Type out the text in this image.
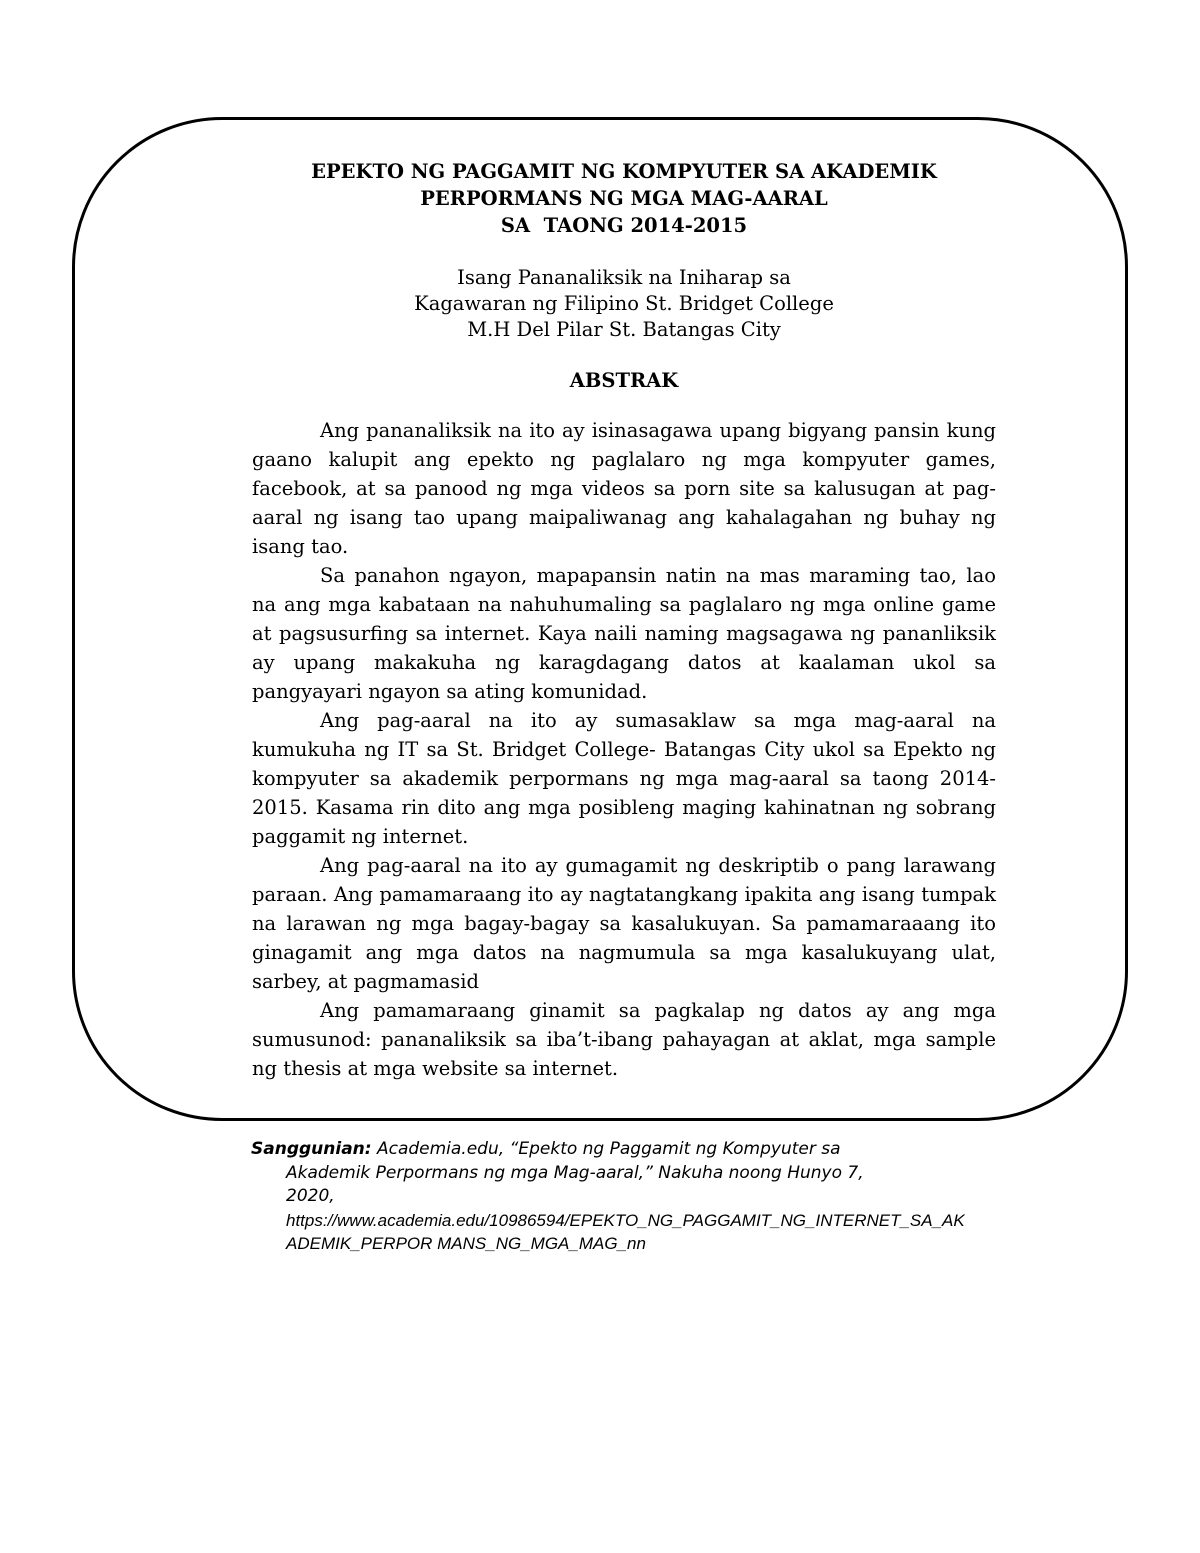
EPEKTO NG PAGGAMIT NG KOMPYUTER SA AKADEMIK
PERPORMANS NG MGA MAG-AARAL
SA  TAONG 2014-2015
Isang Pananaliksik na Iniharap sa
Kagawaran ng Filipino St. Bridget College
M.H Del Pilar St. Batangas City
ABSTRAK

Ang pananaliksik na ito ay isinasagawa upang bigyang pansin kung gaano kalupit ang epekto ng paglalaro ng mga kompyuter games, facebook, at sa panood ng mga videos sa porn site sa kalusugan at pag-aaral ng isang tao upang maipaliwanag ang kahalagahan ng buhay ng isang tao.

Sa panahon ngayon, mapapansin natin na mas maraming tao, lao na ang mga kabataan na nahuhumaling sa paglalaro ng mga online game at pagsusurfing sa internet. Kaya naili naming magsagawa ng pananliksik ay upang makakuha ng karagdagang datos at kaalaman ukol sa pangyayari ngayon sa ating komunidad.

Ang pag-aaral na ito ay sumasaklaw sa mga mag-aaral na kumukuha ng IT sa St. Bridget College- Batangas City ukol sa Epekto ng kompyuter sa akademik perpormans ng mga mag-aaral sa taong 2014-2015. Kasama rin dito ang mga posibleng maging kahinatnan ng sobrang paggamit ng internet.

Ang pag-aaral na ito ay gumagamit ng deskriptib o pang larawang paraan. Ang pamamaraang ito ay nagtatangkang ipakita ang isang tumpak na larawan ng mga bagay-bagay sa kasalukuyan. Sa pamamaraaang ito ginagamit ang mga datos na nagmumula sa mga kasalukuyang ulat, sarbey, at pagmamasid

Ang pamamaraang ginamit sa pagkalap ng datos ay ang mga sumusunod: pananaliksik sa iba’t-ibang pahayagan at aklat, mga sample ng thesis at mga website sa internet.

Sanggunian: Academia.edu, “Epekto ng Paggamit ng Kompyuter sa
Akademik Perpormans ng mga Mag-aaral,” Nakuha noong Hunyo 7,
2020,
https://www.academia.edu/10986594/EPEKTO_NG_PAGGAMIT_NG_INTERNET_SA_AK
ADEMIK_PERPOR MANS_NG_MGA_MAG_nn
